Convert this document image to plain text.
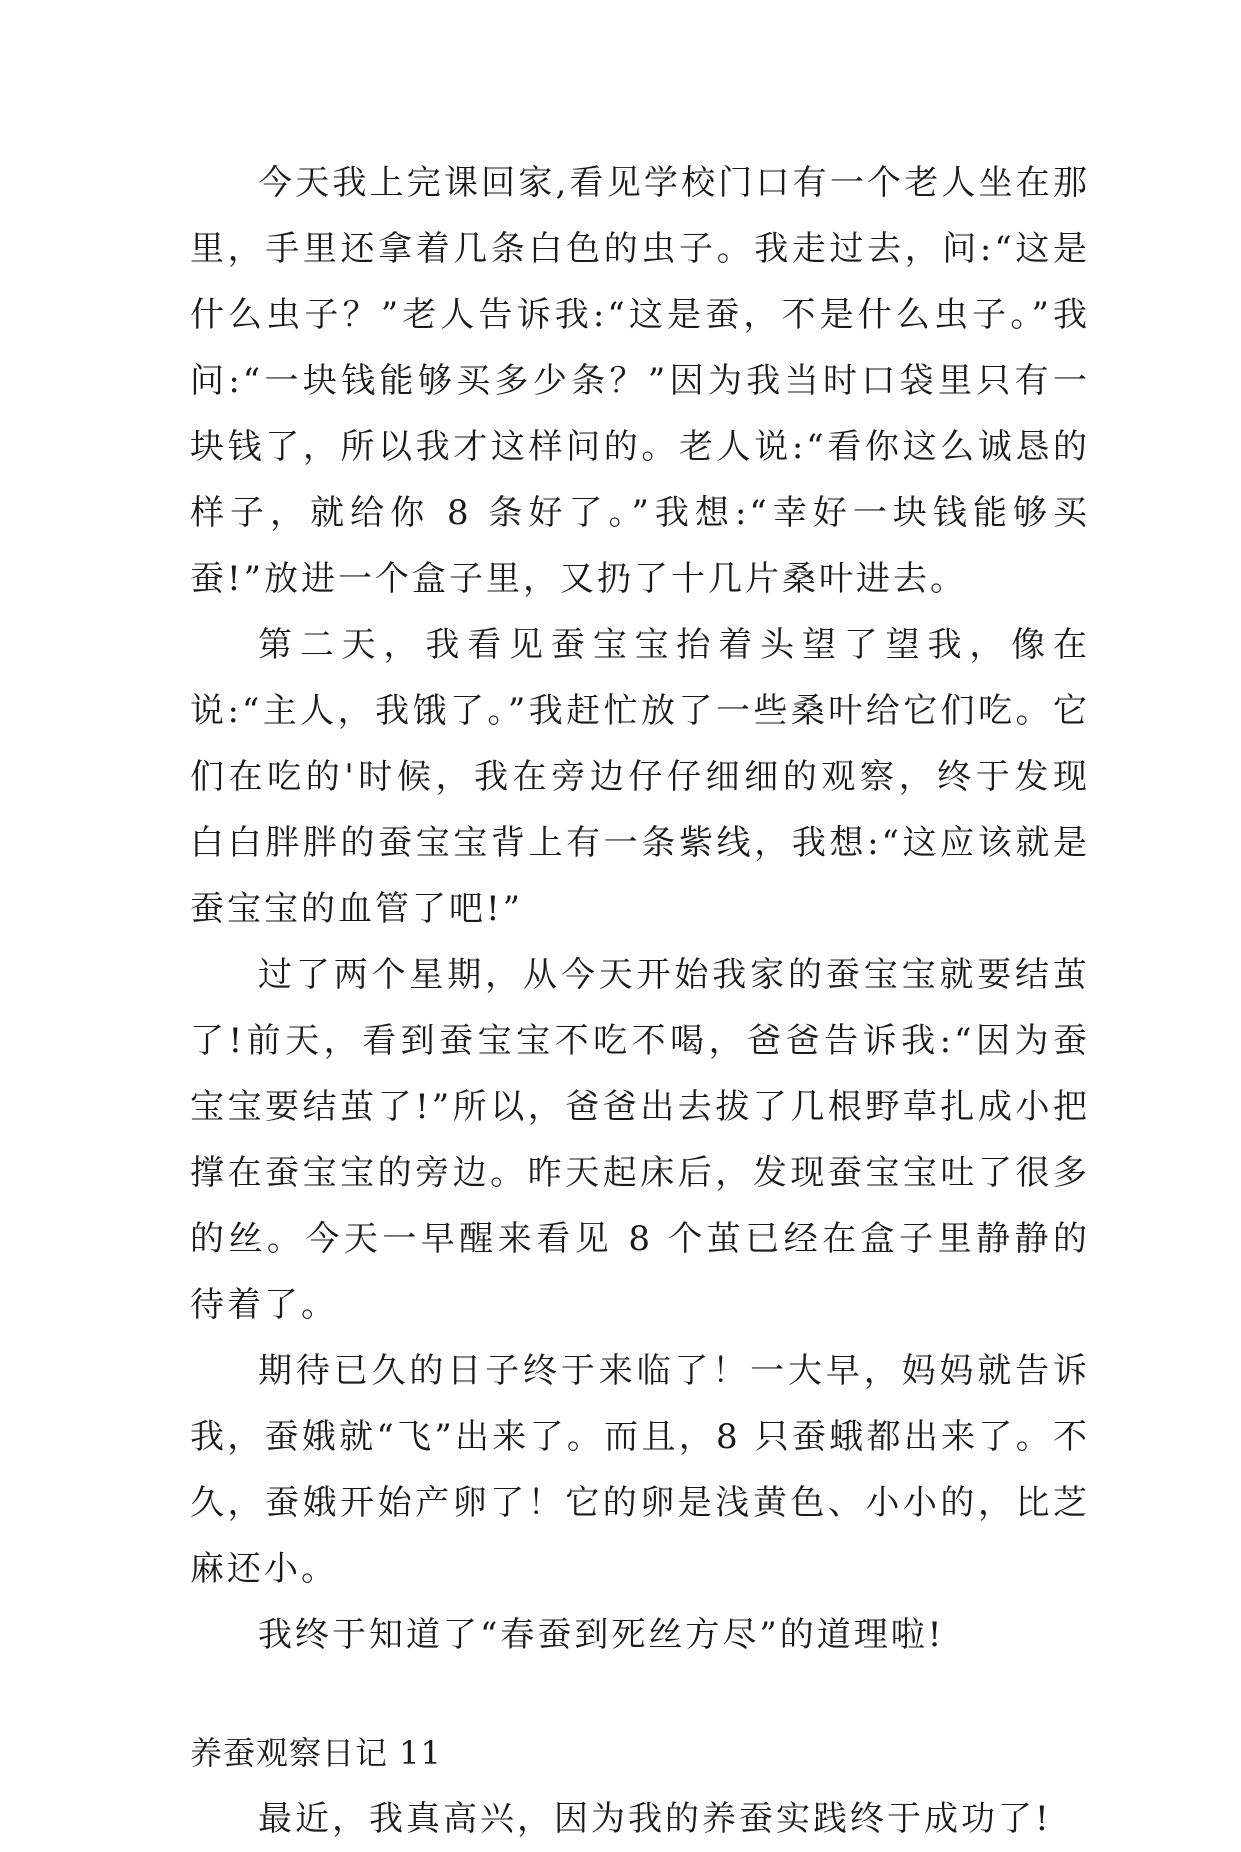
今天我上完课回家,看见学校门口有一个老人坐在那里，手里还拿着几条白色的虫子。我走过去，问:“这是什么虫子？”老人告诉我:“这是蚕，不是什么虫子。”我问:“一块钱能够买多少条？”因为我当时口袋里只有一块钱了，所以我才这样问的。老人说:“看你这么诚恳的样子，就给你 8 条好了。”我想:“幸好一块钱能够买蚕!”放进一个盒子里，又扔了十几片桑叶进去。

第二天，我看见蚕宝宝抬着头望了望我，像在说:“主人，我饿了。”我赶忙放了一些桑叶给它们吃。它们在吃的'时候，我在旁边仔仔细细的观察，终于发现白白胖胖的蚕宝宝背上有一条紫线，我想:“这应该就是蚕宝宝的血管了吧!”

过了两个星期，从今天开始我家的蚕宝宝就要结茧了!前天，看到蚕宝宝不吃不喝，爸爸告诉我:“因为蚕宝宝要结茧了!”所以，爸爸出去拔了几根野草扎成小把撑在蚕宝宝的旁边。昨天起床后，发现蚕宝宝吐了很多的丝。今天一早醒来看见 8 个茧已经在盒子里静静的待着了。

期待已久的日子终于来临了！一大早，妈妈就告诉我，蚕娥就“飞”出来了。而且，8 只蚕蛾都出来了。不久，蚕娥开始产卵了！它的卵是浅黄色、小小的，比芝麻还小。

我终于知道了“春蚕到死丝方尽”的道理啦!

养蚕观察日记 11

最近，我真高兴，因为我的养蚕实践终于成功了!
